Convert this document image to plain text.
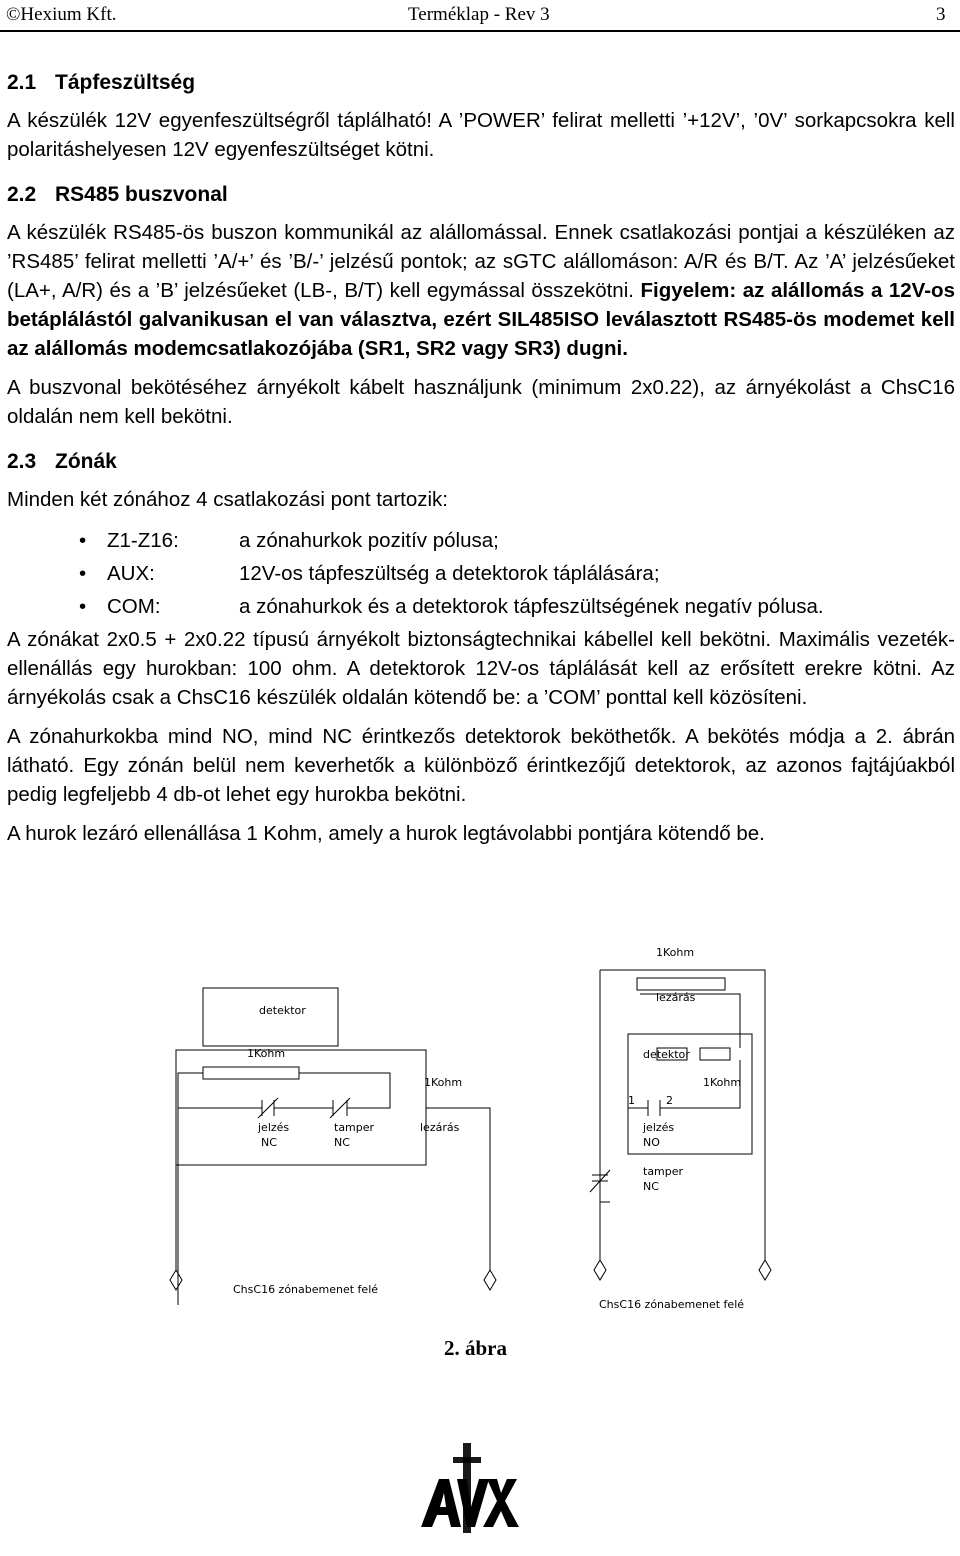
©Hexium Kft.	Terméklap - Rev 3	3
2.1 Tápfeszültség

A készülék 12V egyenfeszültségről táplálható! A ’POWER’ felirat melletti ’+12V’, ’0V’ sorkapcsokra kell polaritáshelyesen 12V egyenfeszültséget kötni.

2.2 RS485 buszvonal

A készülék RS485-ös buszon kommunikál az alállomással. Ennek csatlakozási pontjai a készüléken az ’RS485’ felirat melletti ’A/+’ és ’B/-’ jelzésű pontok; az sGTC alállomáson: A/R és B/T. Az ’A’ jelzésűeket (LA+, A/R) és a ’B’ jelzésűeket (LB-, B/T) kell egymással összekötni. Figyelem: az alállomás a 12V-os betáplálástól galvanikusan el van választva, ezért SIL485ISO leválasztott RS485-ös modemet kell az alállomás modemcsatlakozójába (SR1, SR2 vagy SR3) dugni.

A buszvonal bekötéséhez árnyékolt kábelt használjunk (minimum 2x0.22), az árnyékolást a ChsC16 oldalán nem kell bekötni.

2.3 Zónák

Minden két zónához 4 csatlakozási pont tartozik:

• Z1-Z16:	a zónahurkok pozitív pólusa;
• AUX:	12V-os tápfeszültség a detektorok táplálására;
• COM:	a zónahurkok és a detektorok tápfeszültségének negatív pólusa.

A zónákat 2x0.5 + 2x0.22 típusú árnyékolt biztonságtechnikai kábellel kell bekötni. Maximális vezeték-ellenállás egy hurokban: 100 ohm. A detektorok 12V-os táplálását kell az erősített erekre kötni. Az árnyékolás csak a ChsC16 készülék oldalán kötendő be: a ’COM’ ponttal kell közösíteni.

A zónahurkokba mind NO, mind NC érintkezős detektorok beköthetők. A bekötés módja a 2. ábrán látható. Egy zónán belül nem keverhetők a különböző érintkezőjű detektorok, az azonos fajtájúakból pedig legfeljebb 4 db-ot lehet egy hurokba bekötni.

A hurok lezáró ellenállása 1 Kohm, amely a hurok legtávolabbi pontjára kötendő be.

detektor
1Kohm
jelzés
NC
tamper
NC
lezárás
ChsC16 zónabemenet felé
1Kohm
lezárás
detektor
1Kohm	1Kohm
1	2
jelzés
NO
tamper
NC
ChsC16 zónabemenet felé
2. ábra
